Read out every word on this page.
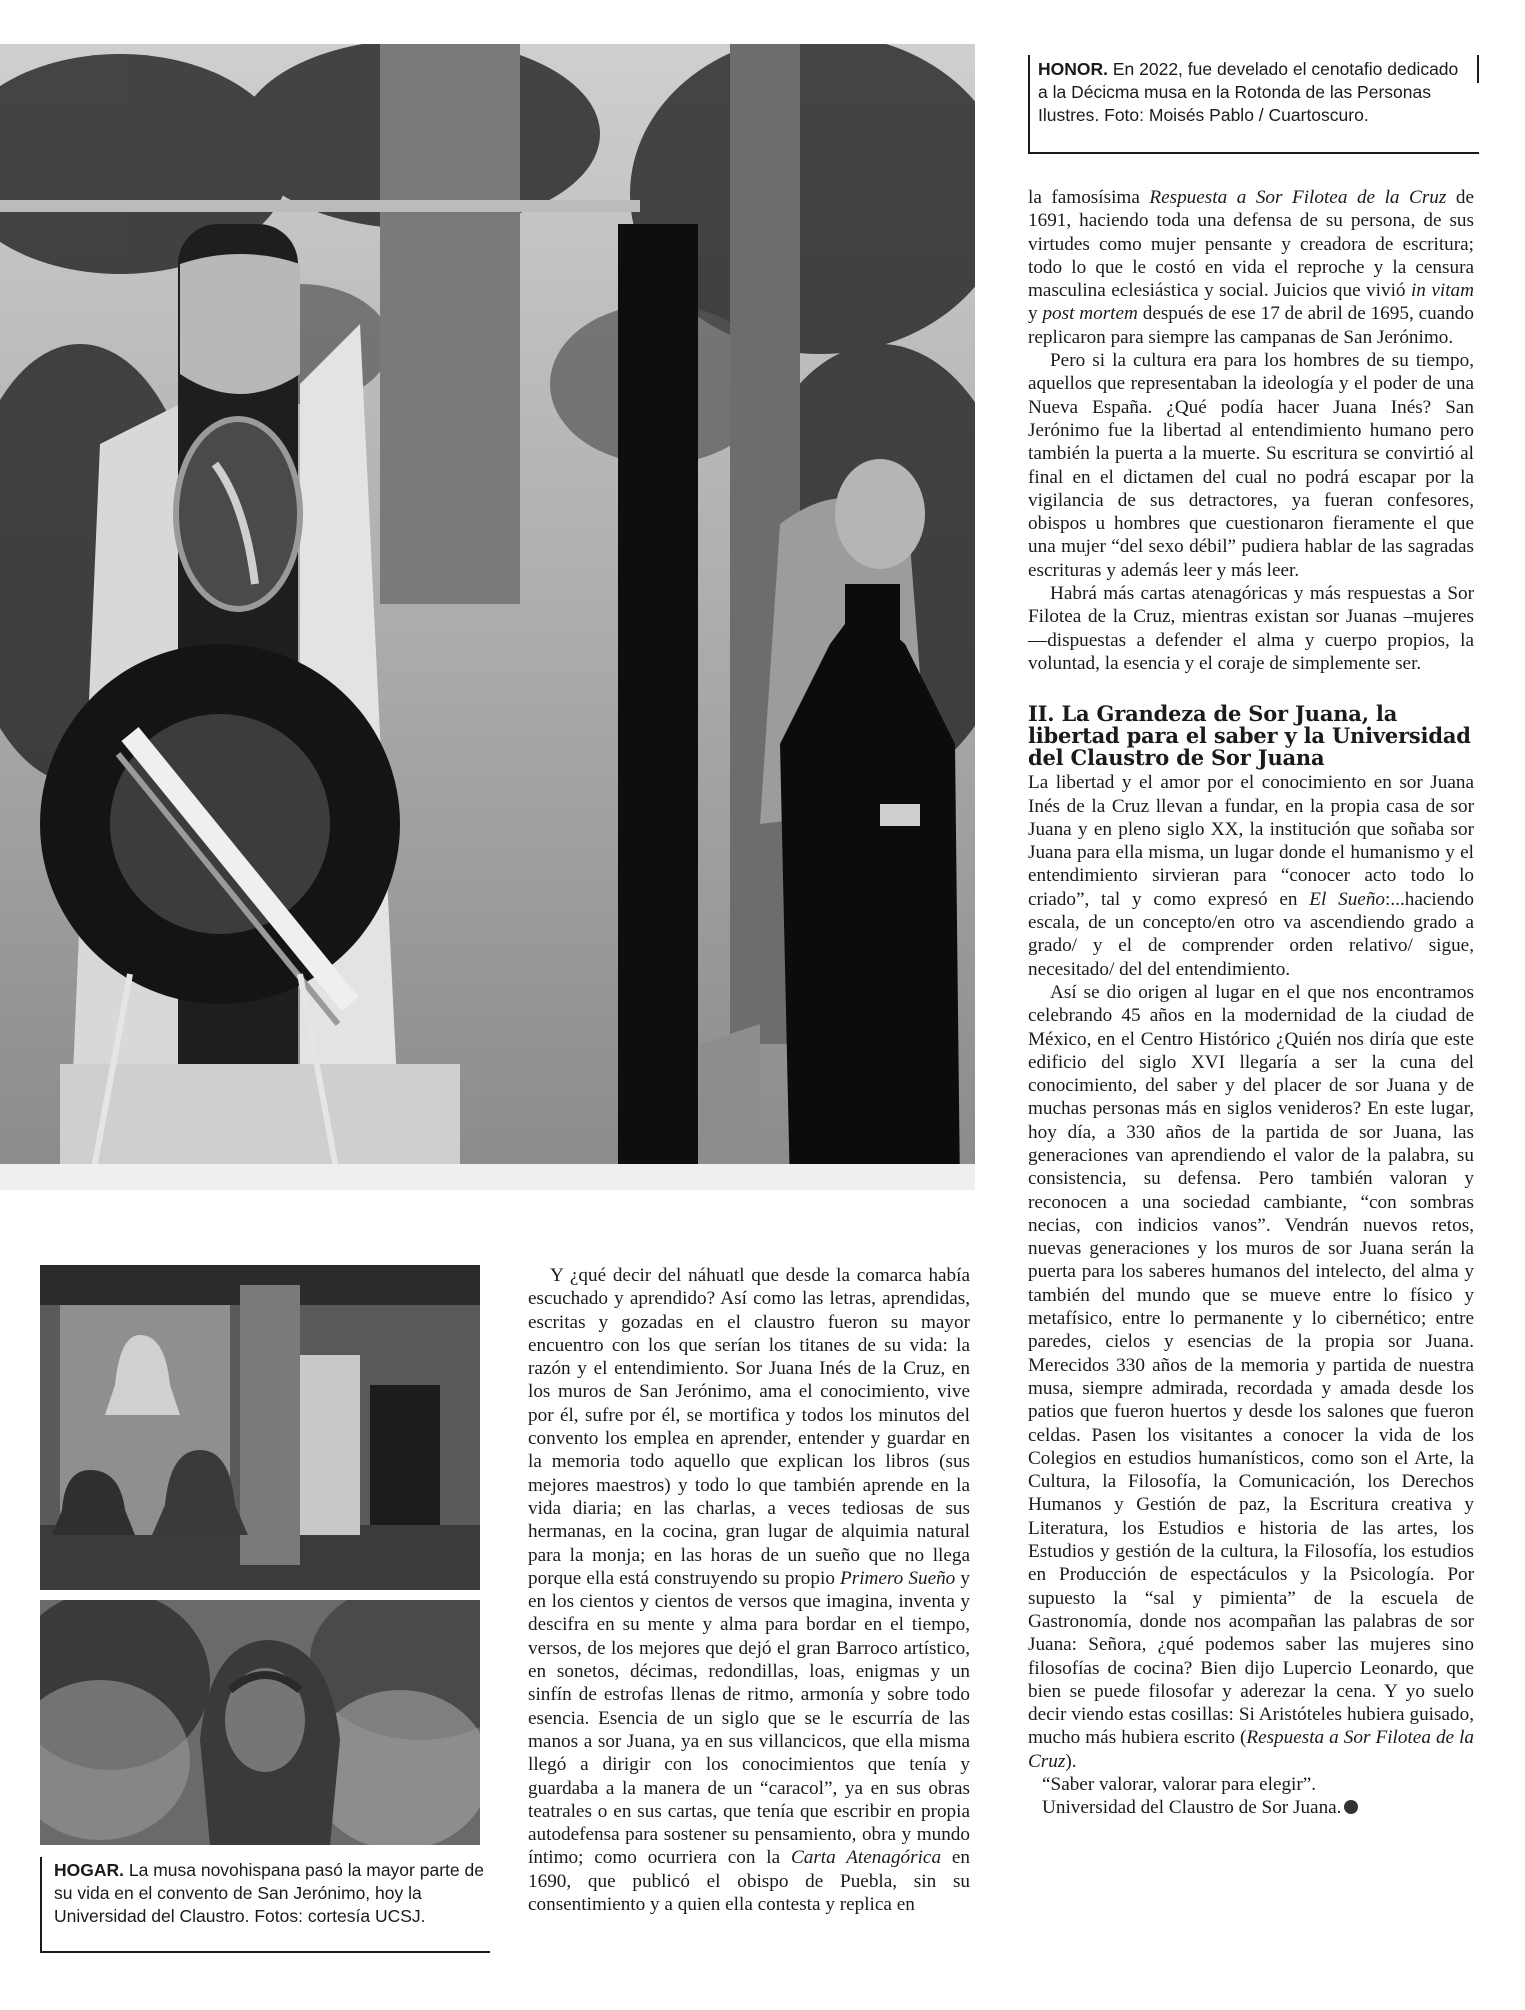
HONOR. En 2022, fue develado el cenotafio dedicado a la Décicma musa en la Rotonda de las Personas Ilustres. Foto: Moisés Pablo / Cuartoscuro.

la famosísima Respuesta a Sor Filotea de la Cruz de 1691, haciendo toda una defensa de su persona, de sus virtudes como mujer pensante y creadora de escritura; todo lo que le costó en vida el reproche y la censura masculina eclesiástica y social. Juicios que vivió in vitam y post mortem después de ese 17 de abril de 1695, cuando replicaron para siempre las campanas de San Jerónimo.

Pero si la cultura era para los hombres de su tiempo, aquellos que representaban la ideología y el poder de una Nueva España. ¿Qué podía hacer Juana Inés? San Jerónimo fue la libertad al entendimiento humano pero también la puerta a la muerte. Su escritura se convirtió al final en el dictamen del cual no podrá escapar por la vigilancia de sus detractores, ya fueran confesores, obispos u hombres que cuestionaron fieramente el que una mujer “del sexo débil” pudiera hablar de las sagradas escrituras y además leer y más leer.

Habrá más cartas atenagóricas y más respuestas a Sor Filotea de la Cruz, mientras existan sor Juanas –mujeres—dispuestas a defender el alma y cuerpo propios, la voluntad, la esencia y el coraje de simplemente ser.

II. La Grandeza de Sor Juana, la libertad para el saber y la Universidad del Claustro de Sor Juana

La libertad y el amor por el conocimiento en sor Juana Inés de la Cruz llevan a fundar, en la propia casa de sor Juana y en pleno siglo XX, la institución que soñaba sor Juana para ella misma, un lugar donde el humanismo y el entendimiento sirvieran para “conocer acto todo lo criado”, tal y como expresó en El Sueño:...haciendo escala, de un concepto/en otro va ascendiendo grado a grado/ y el de comprender orden relativo/ sigue, necesitado/ del del entendimiento.

Así se dio origen al lugar en el que nos encontramos celebrando 45 años en la modernidad de la ciudad de México, en el Centro Histórico ¿Quién nos diría que este edificio del siglo XVI llegaría a ser la cuna del conocimiento, del saber y del placer de sor Juana y de muchas personas más en siglos venideros? En este lugar, hoy día, a 330 años de la partida de sor Juana, las generaciones van aprendiendo el valor de la palabra, su consistencia, su defensa. Pero también valoran y reconocen a una sociedad cambiante, “con sombras necias, con indicios vanos”. Vendrán nuevos retos, nuevas generaciones y los muros de sor Juana serán la puerta para los saberes humanos del intelecto, del alma y también del mundo que se mueve entre lo físico y metafísico, entre lo permanente y lo cibernético; entre paredes, cielos y esencias de la propia sor Juana. Merecidos 330 años de la memoria y partida de nuestra musa, siempre admirada, recordada y amada desde los patios que fueron huertos y desde los salones que fueron celdas. Pasen los visitantes a conocer la vida de los Colegios en estudios humanísticos, como son el Arte, la Cultura, la Filosofía, la Comunicación, los Derechos Humanos y Gestión de paz, la Escritura creativa y Literatura, los Estudios e historia de las artes, los Estudios y gestión de la cultura, la Filosofía, los estudios en Producción de espectáculos y la Psicología. Por supuesto la “sal y pimienta” de la escuela de Gastronomía, donde nos acompañan las palabras de sor Juana: Señora, ¿qué podemos saber las mujeres sino filosofías de cocina? Bien dijo Lupercio Leonardo, que bien se puede filosofar y aderezar la cena. Y yo suelo decir viendo estas cosillas: Si Aristóteles hubiera guisado, mucho más hubiera escrito (Respuesta a Sor Filotea de la Cruz).

“Saber valorar, valorar para elegir”.

Universidad del Claustro de Sor Juana.

HOGAR. La musa novohispana pasó la mayor parte de su vida en el convento de San Jerónimo, hoy la Universidad del Claustro. Fotos: cortesía UCSJ.

Y ¿qué decir del náhuatl que desde la comarca había escuchado y aprendido? Así como las letras, aprendidas, escritas y gozadas en el claustro fueron su mayor encuentro con los que serían los titanes de su vida: la razón y el entendimiento. Sor Juana Inés de la Cruz, en los muros de San Jerónimo, ama el conocimiento, vive por él, sufre por él, se mortifica y todos los minutos del convento los emplea en aprender, entender y guardar en la memoria todo aquello que explican los libros (sus mejores maestros) y todo lo que también aprende en la vida diaria; en las charlas, a veces tediosas de sus hermanas, en la cocina, gran lugar de alquimia natural para la monja; en las horas de un sueño que no llega porque ella está construyendo su propio Primero Sueño y en los cientos y cientos de versos que imagina, inventa y descifra en su mente y alma para bordar en el tiempo, versos, de los mejores que dejó el gran Barroco artístico, en sonetos, décimas, redondillas, loas, enigmas y un sinfín de estrofas llenas de ritmo, armonía y sobre todo esencia. Esencia de un siglo que se le escurría de las manos a sor Juana, ya en sus villancicos, que ella misma llegó a dirigir con los conocimientos que tenía y guardaba a la manera de un “caracol”, ya en sus obras teatrales o en sus cartas, que tenía que escribir en propia autodefensa para sostener su pensamiento, obra y mundo íntimo; como ocurriera con la Carta Atenagórica en 1690, que publicó el obispo de Puebla, sin su consentimiento y a quien ella contesta y replica en
